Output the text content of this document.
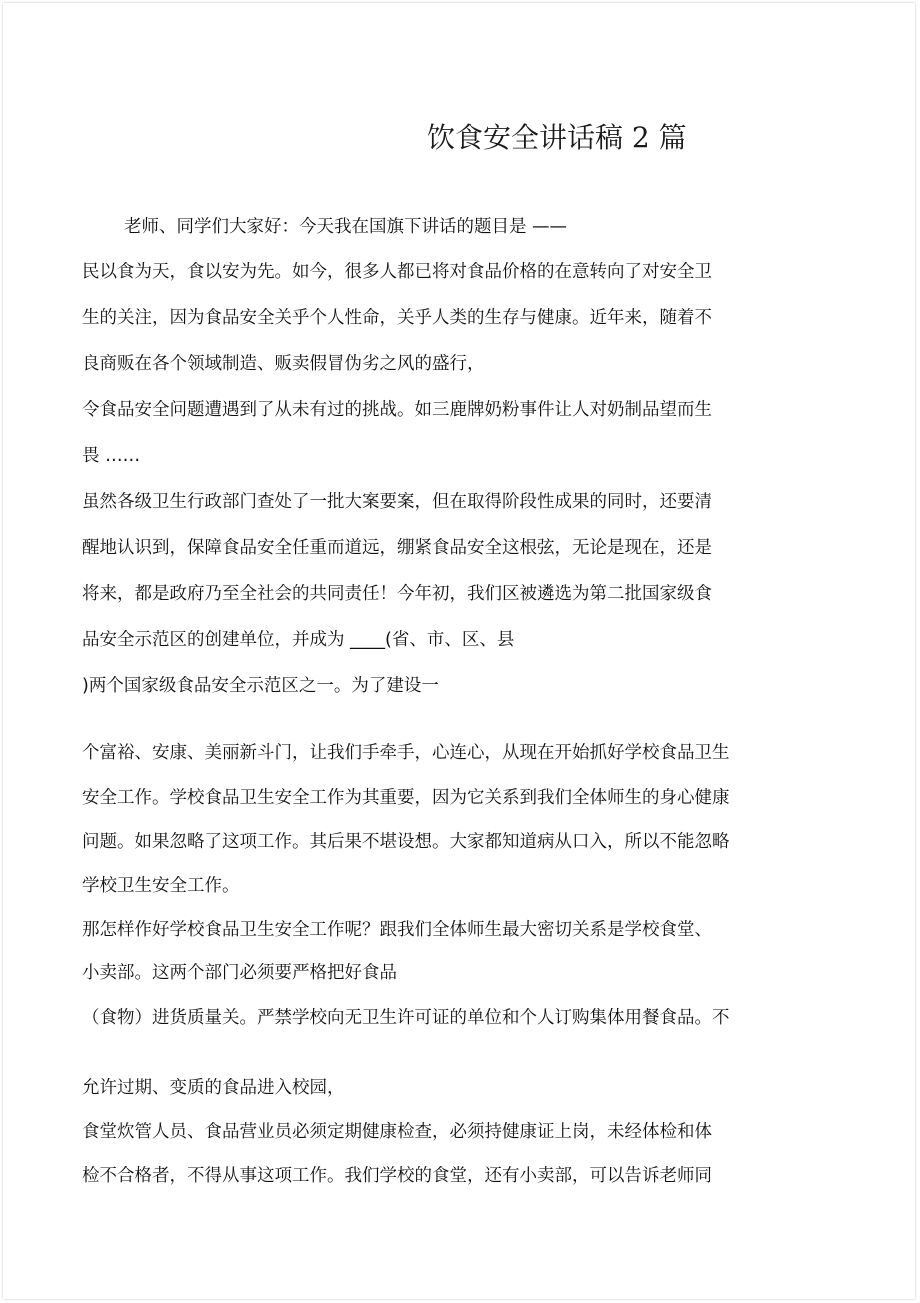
饮食安全讲话稿 2 篇
老师、同学们大家好：今天我在国旗下讲话的题目是 ——
民以食为天，食以安为先。如今，很多人都已将对食品价格的在意转向了对安全卫
生的关注，因为食品安全关乎个人性命，关乎人类的生存与健康。近年来，随着不
良商贩在各个领域制造、贩卖假冒伪劣之风的盛行，
令食品安全问题遭遇到了从未有过的挑战。如三鹿牌奶粉事件让人对奶制品望而生
畏 ……
虽然各级卫生行政部门查处了一批大案要案，但在取得阶段性成果的同时，还要清
醒地认识到，保障食品安全任重而道远，绷紧食品安全这根弦，无论是现在，还是
将来，都是政府乃至全社会的共同责任！今年初，我们区被遴选为第二批国家级食
品安全示范区的创建单位，并成为 ____(省、市、区、县
)两个国家级食品安全示范区之一。为了建设一
个富裕、安康、美丽新斗门，让我们手牵手，心连心，从现在开始抓好学校食品卫生
安全工作。学校食品卫生安全工作为其重要，因为它关系到我们全体师生的身心健康
问题。如果忽略了这项工作。其后果不堪设想。大家都知道病从口入，所以不能忽略
学校卫生安全工作。
那怎样作好学校食品卫生安全工作呢？跟我们全体师生最大密切关系是学校食堂、
小卖部。这两个部门必须要严格把好食品
（食物）进货质量关。严禁学校向无卫生许可证的单位和个人订购集体用餐食品。不
允许过期、变质的食品进入校园，
食堂炊管人员、食品营业员必须定期健康检查，必须持健康证上岗，未经体检和体
检不合格者，不得从事这项工作。我们学校的食堂，还有小卖部，可以告诉老师同
